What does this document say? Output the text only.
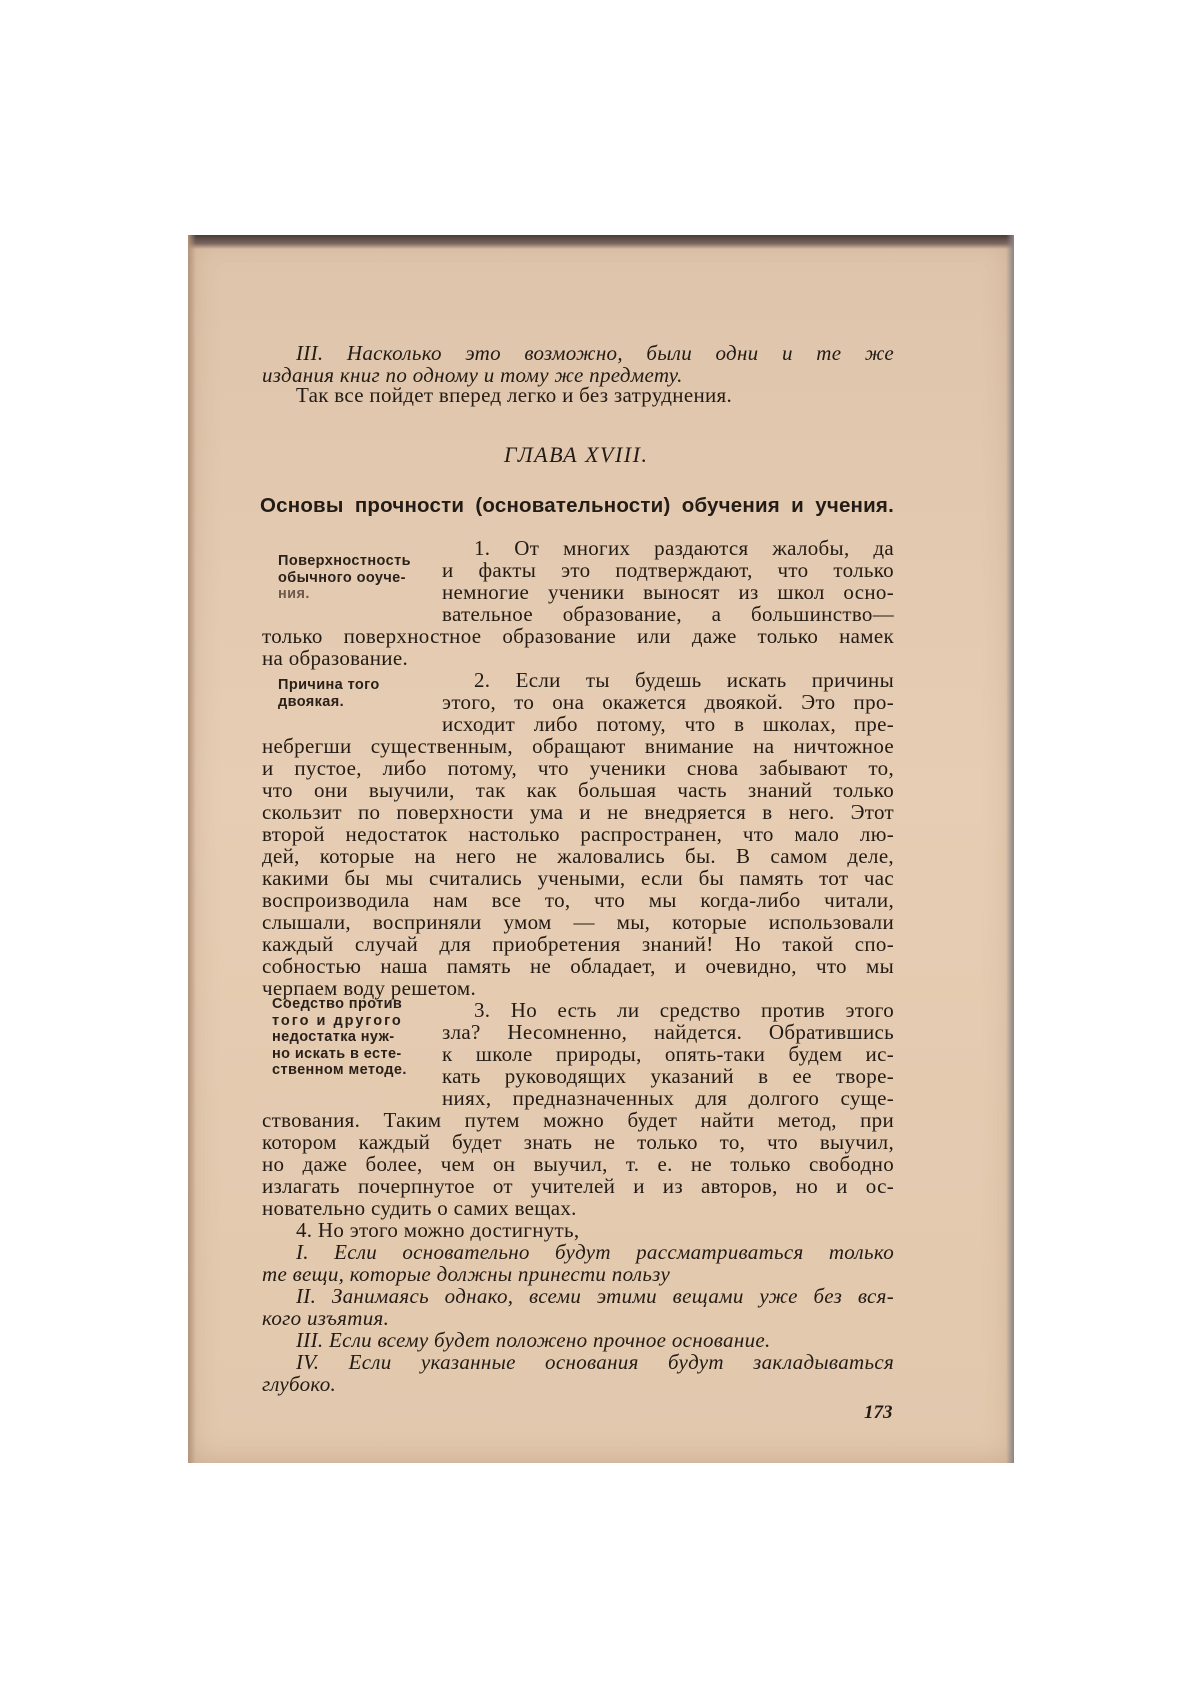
III. Насколько это возможно, были одни и те же
издания книг по одному и тому же предмету.
Так все пойдет вперед легко и без затруднения.
ГЛАВА XVIII.
Основы прочности (основательности) обучения и учения.
Поверхностность
обычного ооуче-
ния.
Причина того
двоякая.
Соедство против
того и другого
недостатка нуж-
но искать в есте-
ственном методе.
1. От многих раздаются жалобы, да
и факты это подтверждают, что только
немногие ученики выносят из школ осно-
вательное образование, а большинство—
только поверхностное образование или даже только намек
на образование.
2. Если ты будешь искать причины
этого, то она окажется двоякой. Это про-
исходит либо потому, что в школах, пре-
небрегши существенным, обращают внимание на ничтожное
и пустое, либо потому, что ученики снова забывают то,
что они выучили, так как большая часть знаний только
скользит по поверхности ума и не внедряется в него. Этот
второй недостаток настолько распространен, что мало лю-
дей, которые на него не жаловались бы. В самом деле,
какими бы мы считались учеными, если бы память тот час
воспроизводила нам все то, что мы когда-либо читали,
слышали, восприняли умом — мы, которые использовали
каждый случай для приобретения знаний! Но такой спо-
собностью наша память не обладает, и очевидно, что мы
черпаем воду решетом.
3. Но есть ли средство против этого
зла? Несомненно, найдется. Обратившись
к школе природы, опять-таки будем ис-
кать руководящих указаний в ее творе-
ниях, предназначенных для долгого суще-
ствования. Таким путем можно будет найти метод, при
котором каждый будет знать не только то, что выучил,
но даже более, чем он выучил, т. е. не только свободно
излагать почерпнутое от учителей и из авторов, но и ос-
новательно судить о самих вещах.
4. Но этого можно достигнуть,
I. Если основательно будут рассматриваться только
те вещи, которые должны принести пользу
II. Занимаясь однако, всеми этими вещами уже без вся-
кого изъятия.
III. Если всему будет положено прочное основание.
IV. Если указанные основания будут закладываться
глубоко.
173
